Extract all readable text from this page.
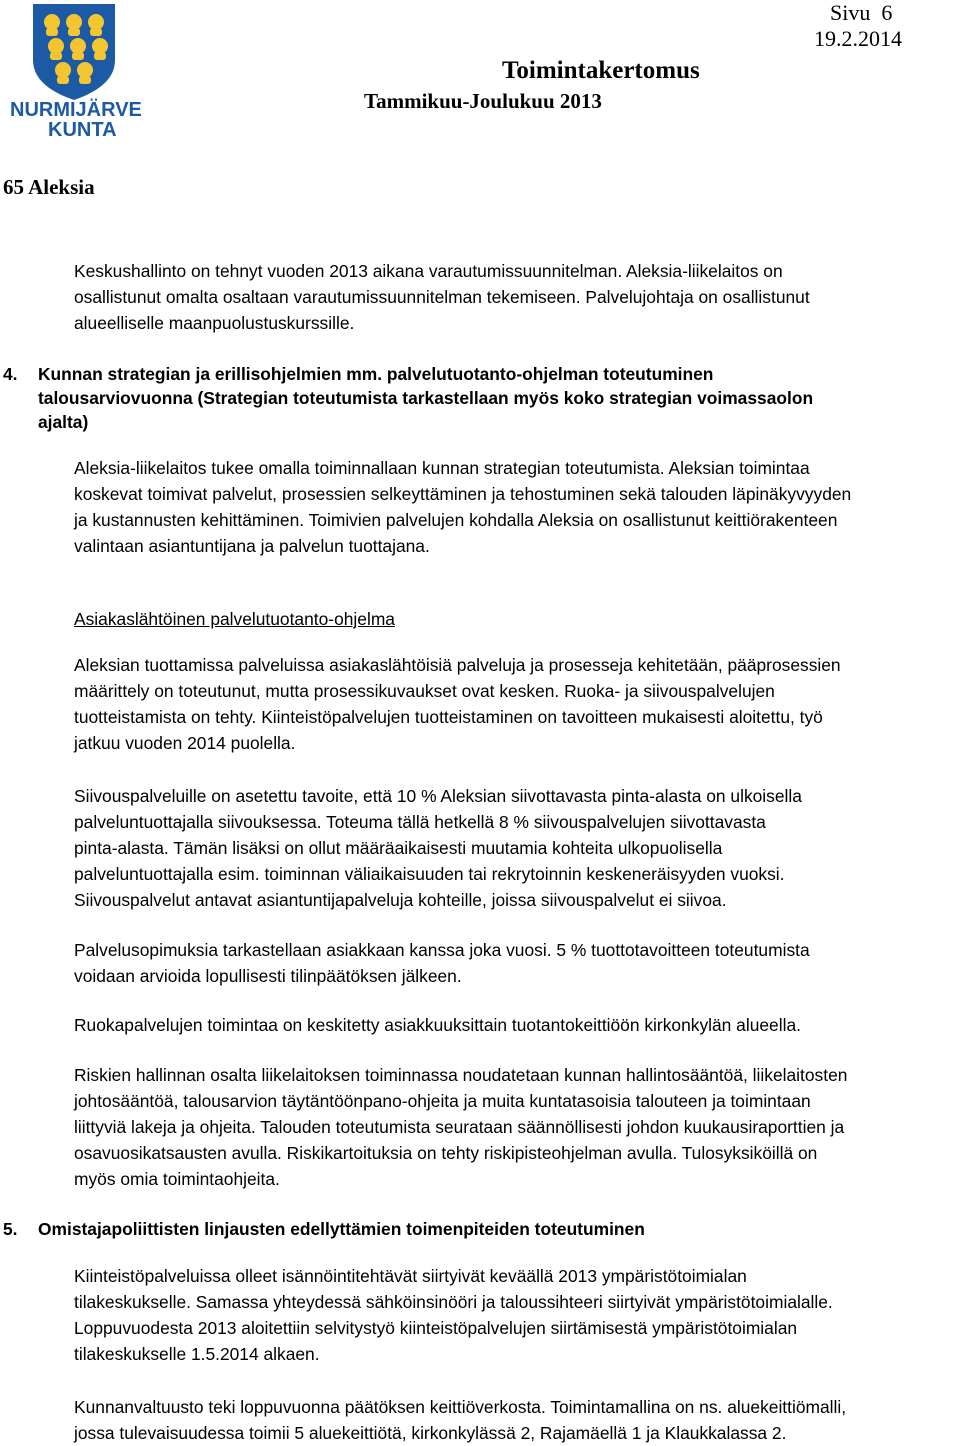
NURMIJÄRVEN
KUNTA
Sivu  6
19.2.2014
Toimintakertomus
Tammikuu-Joulukuu 2013
65 Aleksia
Keskushallinto on tehnyt vuoden 2013 aikana varautumissuunnitelman. Aleksia-liikelaitos on
osallistunut omalta osaltaan varautumissuunnitelman tekemiseen. Palvelujohtaja on osallistunut
alueelliselle maanpuolustuskurssille.
4. Kunnan strategian ja erillisohjelmien mm. palvelutuotanto-ohjelman toteutuminen
talousarviovuonna (Strategian toteutumista tarkastellaan myös koko strategian voimassaolon
ajalta)
Aleksia-liikelaitos tukee omalla toiminnallaan kunnan strategian toteutumista. Aleksian toimintaa
koskevat toimivat palvelut, prosessien selkeyttäminen ja tehostuminen sekä talouden läpinäkyvyyden
ja kustannusten kehittäminen. Toimivien palvelujen kohdalla Aleksia on osallistunut keittiörakenteen
valintaan asiantuntijana ja palvelun tuottajana.
Asiakaslähtöinen palvelutuotanto-ohjelma
Aleksian tuottamissa palveluissa asiakaslähtöisiä palveluja ja prosesseja kehitetään, pääprosessien
määrittely on toteutunut, mutta prosessikuvaukset ovat kesken. Ruoka- ja siivouspalvelujen
tuotteistamista on tehty. Kiinteistöpalvelujen tuotteistaminen on tavoitteen mukaisesti aloitettu, työ
jatkuu vuoden 2014 puolella.
Siivouspalveluille on asetettu tavoite, että 10 % Aleksian siivottavasta pinta-alasta on ulkoisella
palveluntuottajalla siivouksessa. Toteuma tällä hetkellä 8 % siivouspalvelujen siivottavasta
pinta-alasta. Tämän lisäksi on ollut määräaikaisesti muutamia kohteita ulkopuolisella
palveluntuottajalla esim. toiminnan väliaikaisuuden tai rekrytoinnin keskeneräisyyden vuoksi.
Siivouspalvelut antavat asiantuntijapalveluja kohteille, joissa siivouspalvelut ei siivoa.
Palvelusopimuksia tarkastellaan asiakkaan kanssa joka vuosi. 5 % tuottotavoitteen toteutumista
voidaan arvioida lopullisesti tilinpäätöksen jälkeen.
Ruokapalvelujen toimintaa on keskitetty asiakkuuksittain tuotantokeittiöön kirkonkylän alueella.
Riskien hallinnan osalta liikelaitoksen toiminnassa noudatetaan kunnan hallintosääntöä, liikelaitosten
johtosääntöä, talousarvion täytäntöönpano-ohjeita ja muita kuntatasoisia talouteen ja toimintaan
liittyviä lakeja ja ohjeita. Talouden toteutumista seurataan säännöllisesti johdon kuukausiraporttien ja
osavuosikatsausten avulla. Riskikartoituksia on tehty riskipisteohjelman avulla. Tulosyksiköillä on
myös omia toimintaohjeita.
5. Omistajapoliittisten linjausten edellyttämien toimenpiteiden toteutuminen
Kiinteistöpalveluissa olleet isännöintitehtävät siirtyivät keväällä 2013 ympäristötoimialan
tilakeskukselle. Samassa yhteydessä sähköinsinööri ja taloussihteeri siirtyivät ympäristötoimialalle.
Loppuvuodesta 2013 aloitettiin selvitystyö kiinteistöpalvelujen siirtämisestä ympäristötoimialan
tilakeskukselle 1.5.2014 alkaen.
Kunnanvaltuusto teki loppuvuonna päätöksen keittiöverkosta. Toimintamallina on ns. aluekeittiömalli,
jossa tulevaisuudessa toimii 5 aluekeittiötä, kirkonkylässä 2, Rajamäellä 1 ja Klaukkalassa 2.
